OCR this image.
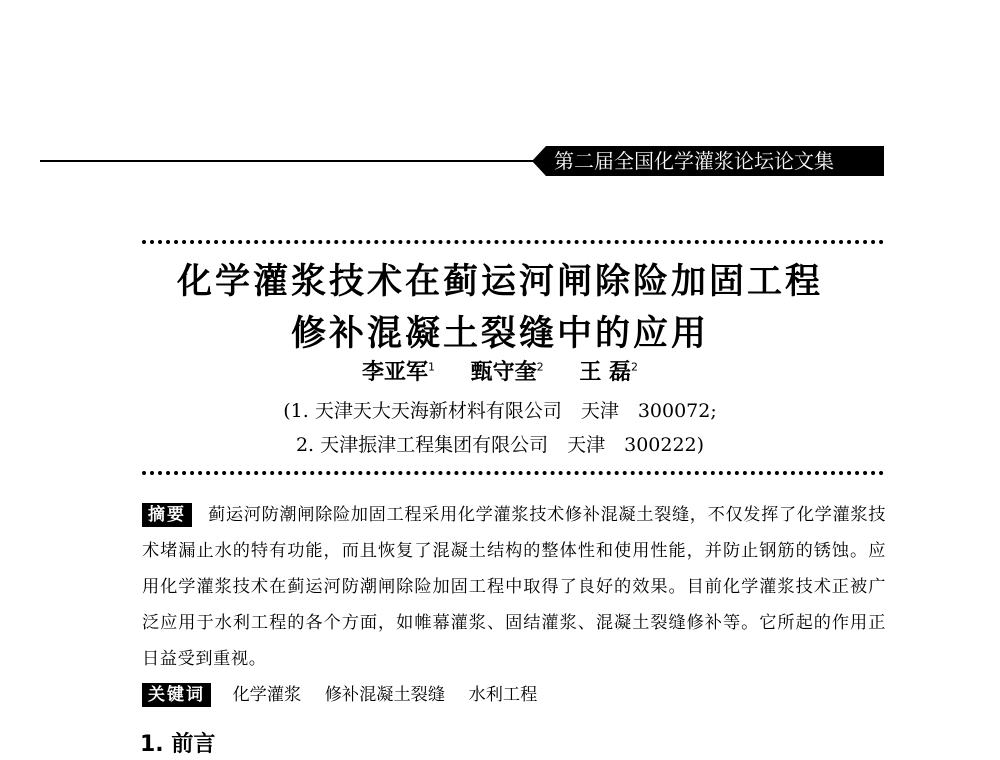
第二届全国化学灌浆论坛论文集
化学灌浆技术在蓟运河闸除险加固工程
修补混凝土裂缝中的应用
李亚军$^1$ 甄守奎$^2$ 王 磊$^2$
(1. 天津天大天海新材料有限公司　天津　300072;
2. 天津振津工程集团有限公司　天津　300222)
摘要 蓟运河防潮闸除险加固工程采用化学灌浆技术修补混凝土裂缝，不仅发挥了化学灌浆技术堵漏止水的特有功能，而且恢复了混凝土结构的整体性和使用性能，并防止钢筋的锈蚀。应用化学灌浆技术在蓟运河防潮闸除险加固工程中取得了良好的效果。目前化学灌浆技术正被广泛应用于水利工程的各个方面，如帷幕灌浆、固结灌浆、混凝土裂缝修补等。它所起的作用正日益受到重视。
关键词 化学灌浆 修补混凝土裂缝 水利工程
1. 前言
